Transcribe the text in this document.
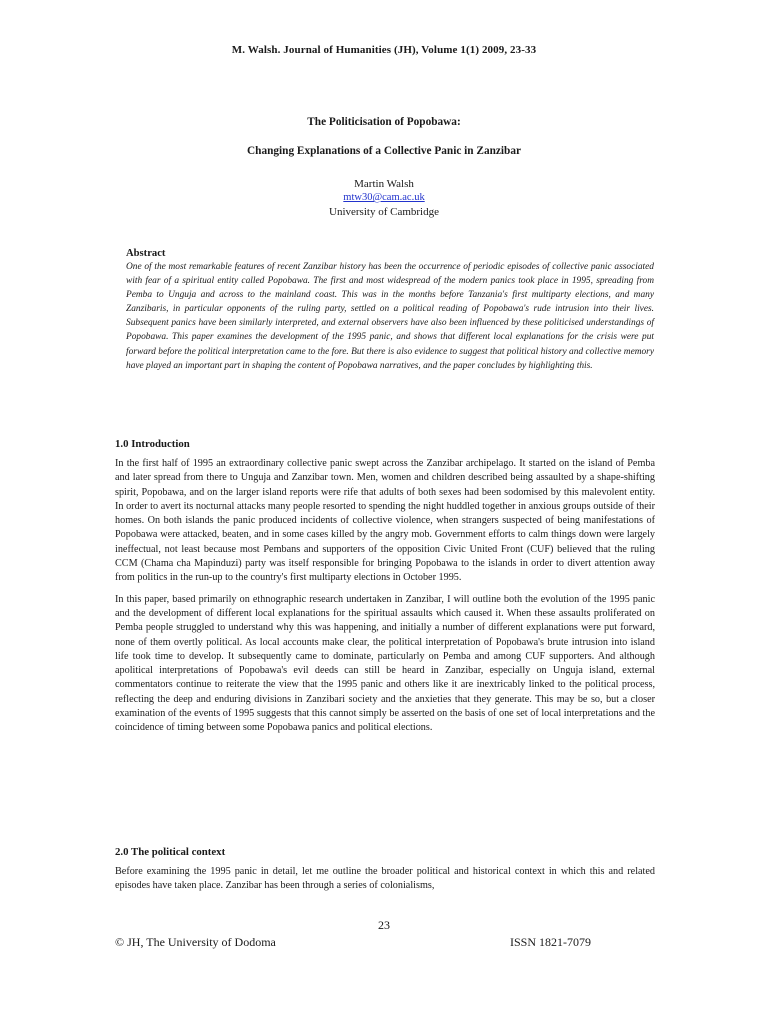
M. Walsh. Journal of Humanities (JH), Volume 1(1) 2009, 23-33
The Politicisation of Popobawa:
Changing Explanations of a Collective Panic in Zanzibar
Martin Walsh
mtw30@cam.ac.uk
University of Cambridge

Abstract

One of the most remarkable features of recent Zanzibar history has been the occurrence of periodic episodes of collective panic associated with fear of a spiritual entity called Popobawa. The first and most widespread of the modern panics took place in 1995, spreading from Pemba to Unguja and across to the mainland coast. This was in the months before Tanzania's first multiparty elections, and many Zanzibaris, in particular opponents of the ruling party, settled on a political reading of Popobawa's rude intrusion into their lives. Subsequent panics have been similarly interpreted, and external observers have also been influenced by these politicised understandings of Popobawa. This paper examines the development of the 1995 panic, and shows that different local explanations for the crisis were put forward before the political interpretation came to the fore. But there is also evidence to suggest that political history and collective memory have played an important part in shaping the content of Popobawa narratives, and the paper concludes by highlighting this.

1.0 Introduction

In the first half of 1995 an extraordinary collective panic swept across the Zanzibar archipelago. It started on the island of Pemba and later spread from there to Unguja and Zanzibar town. Men, women and children described being assaulted by a shape-shifting spirit, Popobawa, and on the larger island reports were rife that adults of both sexes had been sodomised by this malevolent entity. In order to avert its nocturnal attacks many people resorted to spending the night huddled together in anxious groups outside of their homes. On both islands the panic produced incidents of collective violence, when strangers suspected of being manifestations of Popobawa were attacked, beaten, and in some cases killed by the angry mob. Government efforts to calm things down were largely ineffectual, not least because most Pembans and supporters of the opposition Civic United Front (CUF) believed that the ruling CCM (Chama cha Mapinduzi) party was itself responsible for bringing Popobawa to the islands in order to divert attention away from politics in the run-up to the country's first multiparty elections in October 1995.

In this paper, based primarily on ethnographic research undertaken in Zanzibar, I will outline both the evolution of the 1995 panic and the development of different local explanations for the spiritual assaults which caused it. When these assaults proliferated on Pemba people struggled to understand why this was happening, and initially a number of different explanations were put forward, none of them overtly political. As local accounts make clear, the political interpretation of Popobawa's brute intrusion into island life took time to develop. It subsequently came to dominate, particularly on Pemba and among CUF supporters. And although apolitical interpretations of Popobawa's evil deeds can still be heard in Zanzibar, especially on Unguja island, external commentators continue to reiterate the view that the 1995 panic and others like it are inextricably linked to the political process, reflecting the deep and enduring divisions in Zanzibari society and the anxieties that they generate. This may be so, but a closer examination of the events of 1995 suggests that this cannot simply be asserted on the basis of one set of local interpretations and the coincidence of timing between some Popobawa panics and political elections.

2.0 The political context

Before examining the 1995 panic in detail, let me outline the broader political and historical context in which this and related episodes have taken place. Zanzibar has been through a series of colonialisms,

23
© JH, The University of Dodoma	ISSN 1821-7079
